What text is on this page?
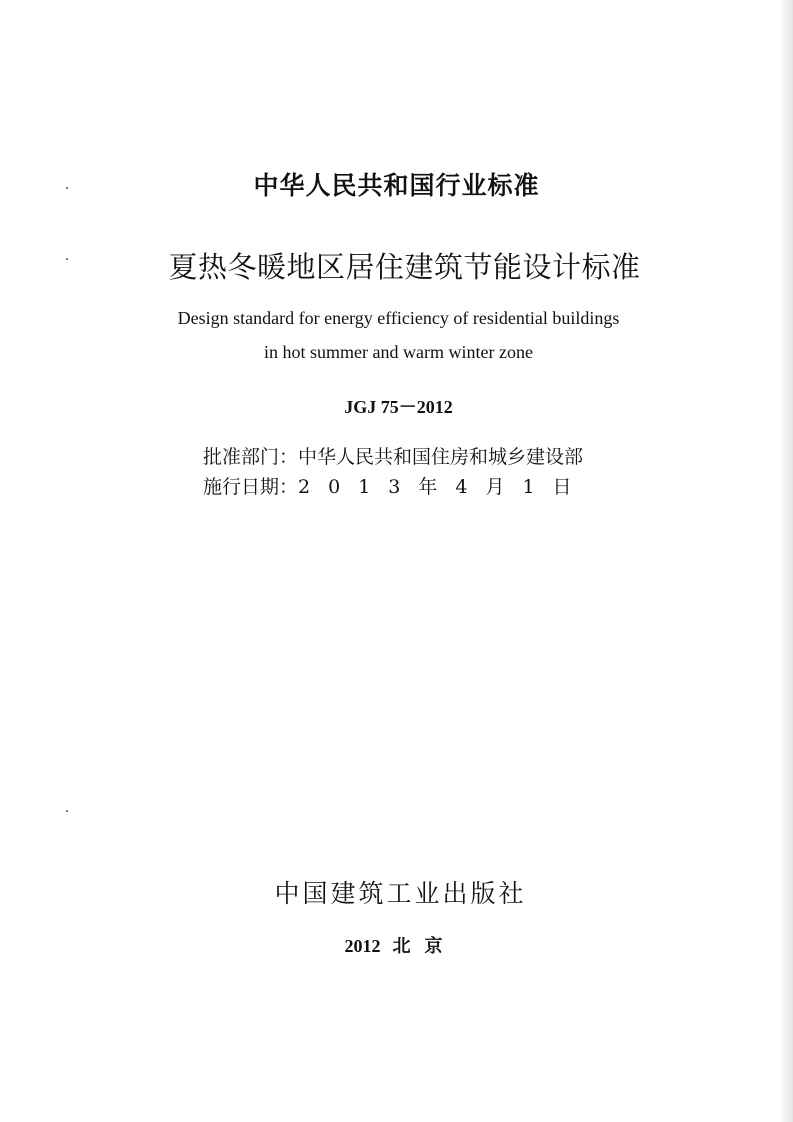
中华人民共和国行业标准
夏热冬暖地区居住建筑节能设计标准
Design standard for energy efficiency of residential buildings
in hot summer and warm winter zone
JGJ 75－2012
批准部门：中华人民共和国住房和城乡建设部
施行日期：2013年4月1日
中国建筑工业出版社
2012 北京
